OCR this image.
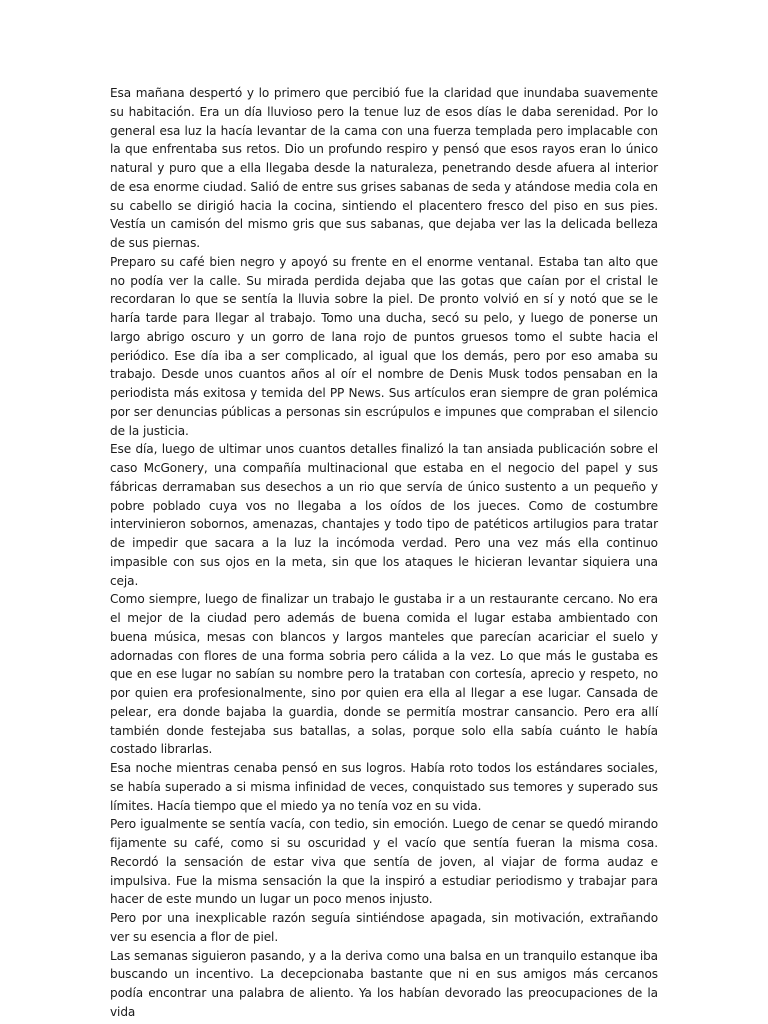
Esa mañana despertó y lo primero que percibió fue la claridad que inundaba suavemente su habitación. Era un día lluvioso pero la tenue luz de esos días le daba serenidad. Por lo general esa luz la hacía levantar de la cama con una fuerza templada pero implacable con la que enfrentaba sus retos. Dio un profundo respiro y pensó que esos rayos eran lo único natural y puro que a ella llegaba desde la naturaleza, penetrando desde afuera al interior de esa enorme ciudad. Salió de entre sus grises sabanas de seda y atándose media cola en su cabello se dirigió hacia la cocina, sintiendo el placentero fresco del piso en sus pies. Vestía un camisón del mismo gris que sus sabanas, que dejaba ver las la delicada belleza de sus piernas.

Preparo su café bien negro y apoyó su frente en el enorme ventanal. Estaba tan alto que no podía ver la calle. Su mirada perdida dejaba que las gotas que caían por el cristal le recordaran lo que se sentía la lluvia sobre la piel. De pronto volvió en sí y notó que se le haría tarde para llegar al trabajo. Tomo una ducha, secó su pelo, y luego de ponerse un largo abrigo oscuro y un gorro de lana rojo de puntos gruesos tomo el subte hacia el periódico. Ese día iba a ser complicado, al igual que los demás, pero por eso amaba su trabajo. Desde unos cuantos años al oír el nombre de Denis Musk todos pensaban en la periodista más exitosa y temida del PP News. Sus artículos eran siempre de gran polémica por ser denuncias públicas a personas sin escrúpulos e impunes que compraban el silencio de la justicia.

Ese día, luego de ultimar unos cuantos detalles finalizó la tan ansiada publicación sobre el caso McGonery, una compañía multinacional que estaba en el negocio del papel y sus fábricas derramaban sus desechos a un rio que servía de único sustento a un pequeño y pobre poblado cuya vos no llegaba a los oídos de los jueces. Como de costumbre intervinieron sobornos, amenazas, chantajes y todo tipo de patéticos artilugios para tratar de impedir que sacara a la luz la incómoda verdad. Pero una vez más ella continuo impasible con sus ojos en la meta, sin que los ataques le hicieran levantar siquiera una ceja.

Como siempre, luego de finalizar un trabajo le gustaba ir a un restaurante cercano. No era el mejor de la ciudad pero además de buena comida el lugar estaba ambientado con buena música, mesas con blancos y largos manteles que parecían acariciar el suelo y adornadas con flores de una forma sobria pero cálida a la vez. Lo que más le gustaba es que en ese lugar no sabían su nombre pero la trataban con cortesía, aprecio y respeto, no por quien era profesionalmente, sino por quien era ella al llegar a ese lugar. Cansada de pelear, era donde bajaba la guardia, donde se permitía mostrar cansancio. Pero era allí también donde festejaba sus batallas, a solas, porque solo ella sabía cuánto le había costado librarlas.

Esa noche mientras cenaba pensó en sus logros. Había roto todos los estándares sociales, se había superado a si misma infinidad de veces, conquistado sus temores y superado sus límites. Hacía tiempo que el miedo ya no tenía voz en su vida.

Pero igualmente se sentía vacía, con tedio, sin emoción. Luego de cenar se quedó mirando fijamente su café, como si su oscuridad y el vacío que sentía fueran la misma cosa. Recordó la sensación de estar viva que sentía de joven, al viajar de forma audaz e impulsiva. Fue la misma sensación la que la inspiró a estudiar periodismo y trabajar para hacer de este mundo un lugar un poco menos injusto.

Pero por una inexplicable razón seguía sintiéndose apagada, sin motivación, extrañando ver su esencia a flor de piel.

Las semanas siguieron pasando, y a la deriva como una balsa en un tranquilo estanque iba buscando un incentivo. La decepcionaba bastante que ni en sus amigos más cercanos podía encontrar una palabra de aliento. Ya los habían devorado las preocupaciones de la vida
